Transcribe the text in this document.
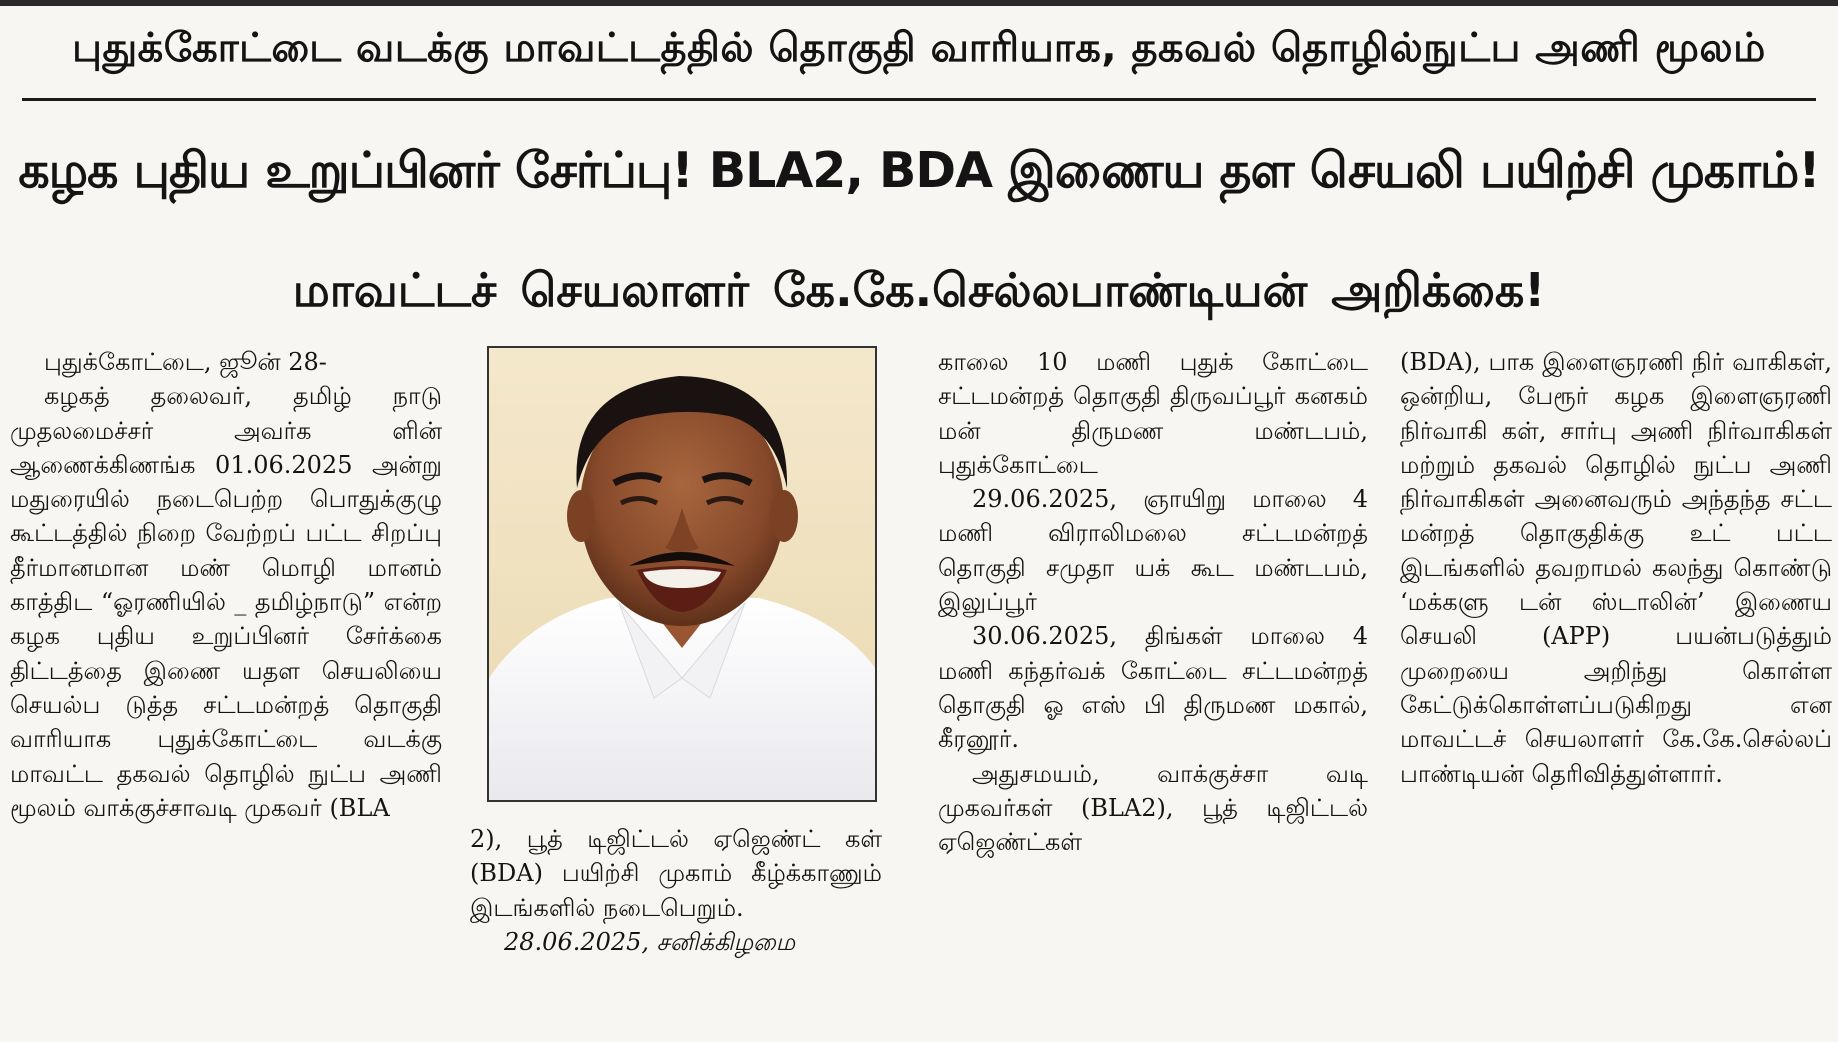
புதுக்கோட்டை வடக்கு மாவட்டத்தில் தொகுதி வாரியாக, தகவல் தொழில்நுட்ப அணி மூலம்
கழக புதிய உறுப்பினர் சேர்ப்பு! BLA2, BDA இணைய தள செயலி பயிற்சி முகாம்!
மாவட்டச் செயலாளர் கே.கே.செல்லபாண்டியன் அறிக்கை!

புதுக்கோட்டை, ஜூன் 28-

கழகத் தலைவர், தமிழ் நாடு முதலமைச்சர் அவர்க ளின் ஆணைக்கிணங்க 01.06.2025 அன்று மதுரையில் நடைபெற்ற பொதுக்குழு கூட்டத்தில் நிறை வேற்றப் பட்ட சிறப்பு தீர்மானமான மண் மொழி மானம் காத்திட “ஓரணியில் _ தமிழ்நாடு” என்ற கழக புதிய உறுப்பினர் சேர்க்கை திட்டத்தை இணை யதள செயலியை செயல்ப டுத்த சட்டமன்றத் தொகுதி வாரியாக புதுக்கோட்டை வடக்கு மாவட்ட தகவல் தொழில் நுட்ப அணி மூலம் வாக்குச்சாவடி முகவர் (BLA

2), பூத் டிஜிட்டல் ஏஜெண்ட் கள் (BDA) பயிற்சி முகாம் கீழ்க்காணும் இடங்களில் நடைபெறும்.

28.06.2025, சனிக்கிழமை

காலை 10 மணி புதுக் கோட்டை சட்டமன்றத் தொகுதி திருவப்பூர் கனகம் மன் திருமண மண்டபம், புதுக்கோட்டை

29.06.2025, ஞாயிறு மாலை 4 மணி விராலிமலை சட்டமன்றத் தொகுதி சமுதா யக் கூட மண்டபம், இலுப்பூர்

30.06.2025, திங்கள் மாலை 4 மணி கந்தர்வக் கோட்டை சட்டமன்றத் தொகுதி ஓ எஸ் பி திருமண மகால், கீரனூர்.

அதுசமயம், வாக்குச்சா வடி முகவர்கள் (BLA2), பூத் டிஜிட்டல் ஏஜெண்ட்கள்

(BDA), பாக இளைஞரணி நிர் வாகிகள், ஒன்றிய, பேரூர் கழக இளைஞரணி நிர்வாகி கள், சார்பு அணி நிர்வாகிகள் மற்றும் தகவல் தொழில் நுட்ப அணி நிர்வாகிகள் அனைவரும் அந்தந்த சட்ட மன்றத் தொகுதிக்கு உட் பட்ட இடங்களில் தவறாமல் கலந்து கொண்டு ‘மக்களு டன் ஸ்டாலின்’ இணைய செயலி (APP) பயன்படுத்தும் முறையை அறிந்து கொள்ள கேட்டுக்கொள்ளப்படுகிறது என மாவட்டச் செயலாளர் கே.கே.செல்லப் பாண்டியன் தெரிவித்துள்ளார்.
